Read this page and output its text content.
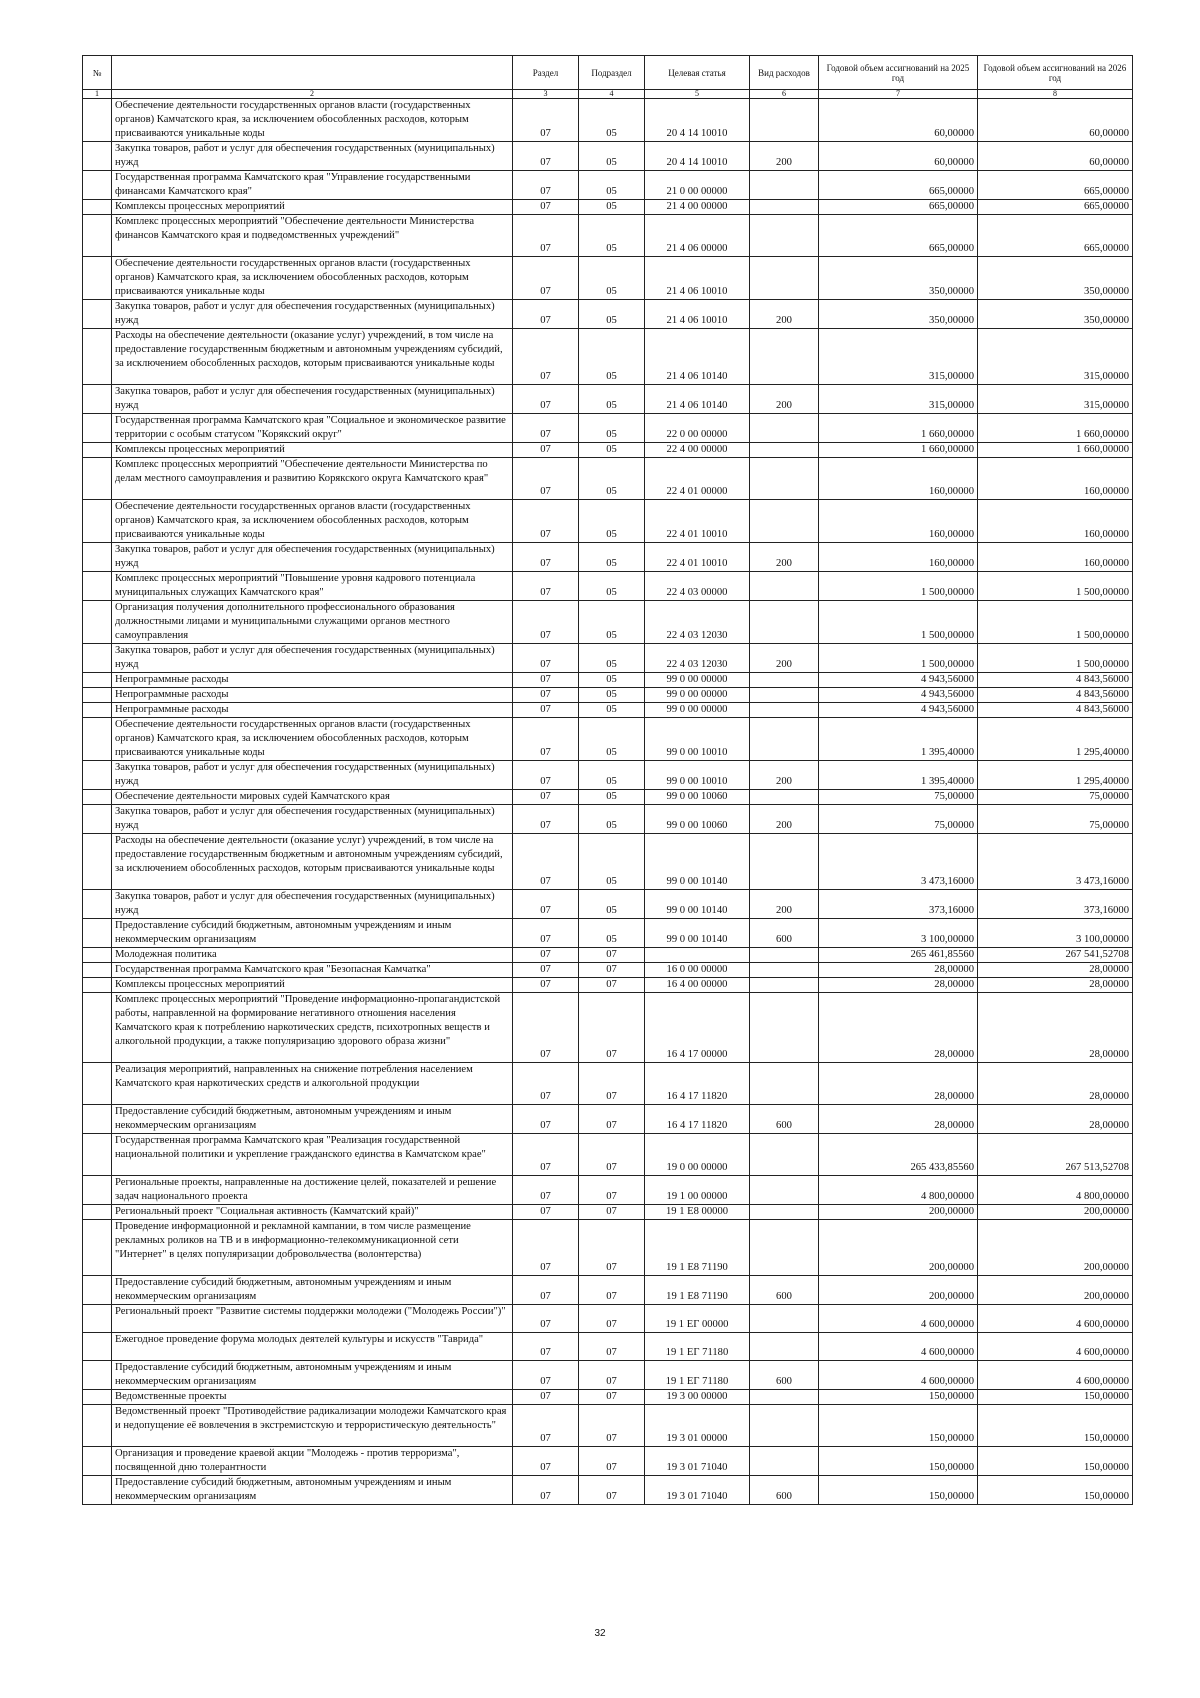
№		Раздел	Подраздел	Целевая статья	Вид расходов	Годовой объем ассигнований на 2025 год	Годовой объем ассигнований на 2026 год
1	2	3	4	5	6	7	8
	Обеспечение деятельности государственных органов власти (государственных органов) Камчатского края, за исключением обособленных расходов, которым присваиваются уникальные коды	07	05	20 4 14 10010		60,00000	60,00000
	Закупка товаров, работ и услуг для обеспечения государственных (муниципальных) нужд	07	05	20 4 14 10010	200	60,00000	60,00000
	Государственная программа Камчатского края "Управление государственными финансами Камчатского края"	07	05	21 0 00 00000		665,00000	665,00000
	Комплексы процессных мероприятий	07	05	21 4 00 00000		665,00000	665,00000
	Комплекс процессных мероприятий "Обеспечение деятельности Министерства финансов Камчатского края и подведомственных учреждений"	07	05	21 4 06 00000		665,00000	665,00000
	Обеспечение деятельности государственных органов власти (государственных органов) Камчатского края, за исключением обособленных расходов, которым присваиваются уникальные коды	07	05	21 4 06 10010		350,00000	350,00000
	Закупка товаров, работ и услуг для обеспечения государственных (муниципальных) нужд	07	05	21 4 06 10010	200	350,00000	350,00000
	Расходы на обеспечение деятельности (оказание услуг) учреждений, в том числе на предоставление государственным бюджетным и автономным учреждениям субсидий, за исключением обособленных расходов, которым присваиваются уникальные коды	07	05	21 4 06 10140		315,00000	315,00000
	Закупка товаров, работ и услуг для обеспечения государственных (муниципальных) нужд	07	05	21 4 06 10140	200	315,00000	315,00000
	Государственная программа Камчатского края "Социальное и экономическое развитие территории с особым статусом "Корякский округ"	07	05	22 0 00 00000		1 660,00000	1 660,00000
	Комплексы процессных мероприятий	07	05	22 4 00 00000		1 660,00000	1 660,00000
	Комплекс процессных мероприятий "Обеспечение деятельности Министерства по делам местного самоуправления и развитию Корякского округа Камчатского края"	07	05	22 4 01 00000		160,00000	160,00000
	Обеспечение деятельности государственных органов власти (государственных органов) Камчатского края, за исключением обособленных расходов, которым присваиваются уникальные коды	07	05	22 4 01 10010		160,00000	160,00000
	Закупка товаров, работ и услуг для обеспечения государственных (муниципальных) нужд	07	05	22 4 01 10010	200	160,00000	160,00000
	Комплекс процессных мероприятий "Повышение уровня кадрового потенциала муниципальных служащих Камчатского края"	07	05	22 4 03 00000		1 500,00000	1 500,00000
	Организация получения дополнительного профессионального образования должностными лицами и муниципальными служащими органов местного самоуправления	07	05	22 4 03 12030		1 500,00000	1 500,00000
	Закупка товаров, работ и услуг для обеспечения государственных (муниципальных) нужд	07	05	22 4 03 12030	200	1 500,00000	1 500,00000
	Непрограммные расходы	07	05	99 0 00 00000		4 943,56000	4 843,56000
	Непрограммные расходы	07	05	99 0 00 00000		4 943,56000	4 843,56000
	Непрограммные расходы	07	05	99 0 00 00000		4 943,56000	4 843,56000
	Обеспечение деятельности государственных органов власти (государственных органов) Камчатского края, за исключением обособленных расходов, которым присваиваются уникальные коды	07	05	99 0 00 10010		1 395,40000	1 295,40000
	Закупка товаров, работ и услуг для обеспечения государственных (муниципальных) нужд	07	05	99 0 00 10010	200	1 395,40000	1 295,40000
	Обеспечение деятельности мировых судей Камчатского края	07	05	99 0 00 10060		75,00000	75,00000
	Закупка товаров, работ и услуг для обеспечения государственных (муниципальных) нужд	07	05	99 0 00 10060	200	75,00000	75,00000
	Расходы на обеспечение деятельности (оказание услуг) учреждений, в том числе на предоставление государственным бюджетным и автономным учреждениям субсидий, за исключением обособленных расходов, которым присваиваются уникальные коды	07	05	99 0 00 10140		3 473,16000	3 473,16000
	Закупка товаров, работ и услуг для обеспечения государственных (муниципальных) нужд	07	05	99 0 00 10140	200	373,16000	373,16000
	Предоставление субсидий бюджетным, автономным учреждениям и иным некоммерческим организациям	07	05	99 0 00 10140	600	3 100,00000	3 100,00000
	Молодежная политика	07	07			265 461,85560	267 541,52708
	Государственная программа Камчатского края "Безопасная Камчатка"	07	07	16 0 00 00000		28,00000	28,00000
	Комплексы процессных мероприятий	07	07	16 4 00 00000		28,00000	28,00000
	Комплекс процессных мероприятий "Проведение информационно-пропагандистской работы, направленной на формирование негативного отношения населения Камчатского края к потреблению наркотических средств, психотропных веществ и алкогольной продукции, а также популяризацию здорового образа жизни"	07	07	16 4 17 00000		28,00000	28,00000
	Реализация мероприятий, направленных на снижение потребления населением Камчатского края наркотических средств и алкогольной продукции	07	07	16 4 17 11820		28,00000	28,00000
	Предоставление субсидий бюджетным, автономным учреждениям и иным некоммерческим организациям	07	07	16 4 17 11820	600	28,00000	28,00000
	Государственная программа Камчатского края "Реализация государственной национальной политики и укрепление гражданского единства в Камчатском крае"	07	07	19 0 00 00000		265 433,85560	267 513,52708
	Региональные проекты, направленные на достижение целей, показателей и решение задач национального проекта	07	07	19 1 00 00000		4 800,00000	4 800,00000
	Региональный проект "Социальная активность (Камчатский край)"	07	07	19 1 Е8 00000		200,00000	200,00000
	Проведение информационной и рекламной кампании, в том числе размещение рекламных роликов на ТВ и в информационно-телекоммуникационной сети "Интернет" в целях популяризации добровольчества (волонтерства)	07	07	19 1 Е8 71190		200,00000	200,00000
	Предоставление субсидий бюджетным, автономным учреждениям и иным некоммерческим организациям	07	07	19 1 Е8 71190	600	200,00000	200,00000
	Региональный проект "Развитие системы поддержки молодежи ("Молодежь России")"	07	07	19 1 ЕГ 00000		4 600,00000	4 600,00000
	Ежегодное проведение форума молодых деятелей культуры и искусств "Таврида"	07	07	19 1 ЕГ 71180		4 600,00000	4 600,00000
	Предоставление субсидий бюджетным, автономным учреждениям и иным некоммерческим организациям	07	07	19 1 ЕГ 71180	600	4 600,00000	4 600,00000
	Ведомственные проекты	07	07	19 3 00 00000		150,00000	150,00000
	Ведомственный проект "Противодействие радикализации молодежи Камчатского края и недопущение её вовлечения в экстремистскую и террористическую деятельность"	07	07	19 3 01 00000		150,00000	150,00000
	Организация и проведение краевой акции "Молодежь - против терроризма", посвященной дню толерантности	07	07	19 3 01 71040		150,00000	150,00000
	Предоставление субсидий бюджетным, автономным учреждениям и иным некоммерческим организациям	07	07	19 3 01 71040	600	150,00000	150,00000
32
